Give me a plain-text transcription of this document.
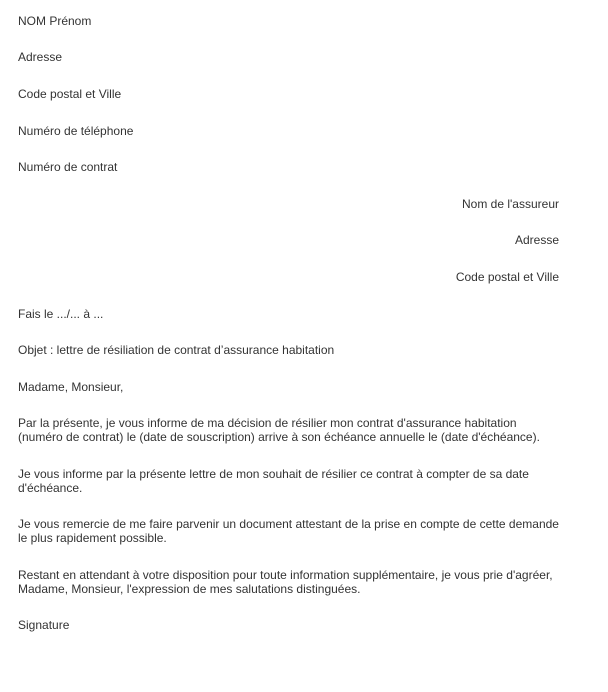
NOM Prénom
Adresse
Code postal et Ville
Numéro de téléphone
Numéro de contrat
Nom de l'assureur
Adresse
Code postal et Ville
Fais le .../... à ...
Objet : lettre de résiliation de contrat d’assurance habitation
Madame, Monsieur,
Par la présente, je vous informe de ma décision de résilier mon contrat d'assurance habitation (numéro de contrat) le (date de souscription) arrive à son échéance annuelle le (date d'échéance).
Je vous informe par la présente lettre de mon souhait de résilier ce contrat à compter de sa date d'échéance.
Je vous remercie de me faire parvenir un document attestant de la prise en compte de cette demande le plus rapidement possible.
Restant en attendant à votre disposition pour toute information supplémentaire, je vous prie d'agréer, Madame, Monsieur, l'expression de mes salutations distinguées.
Signature
